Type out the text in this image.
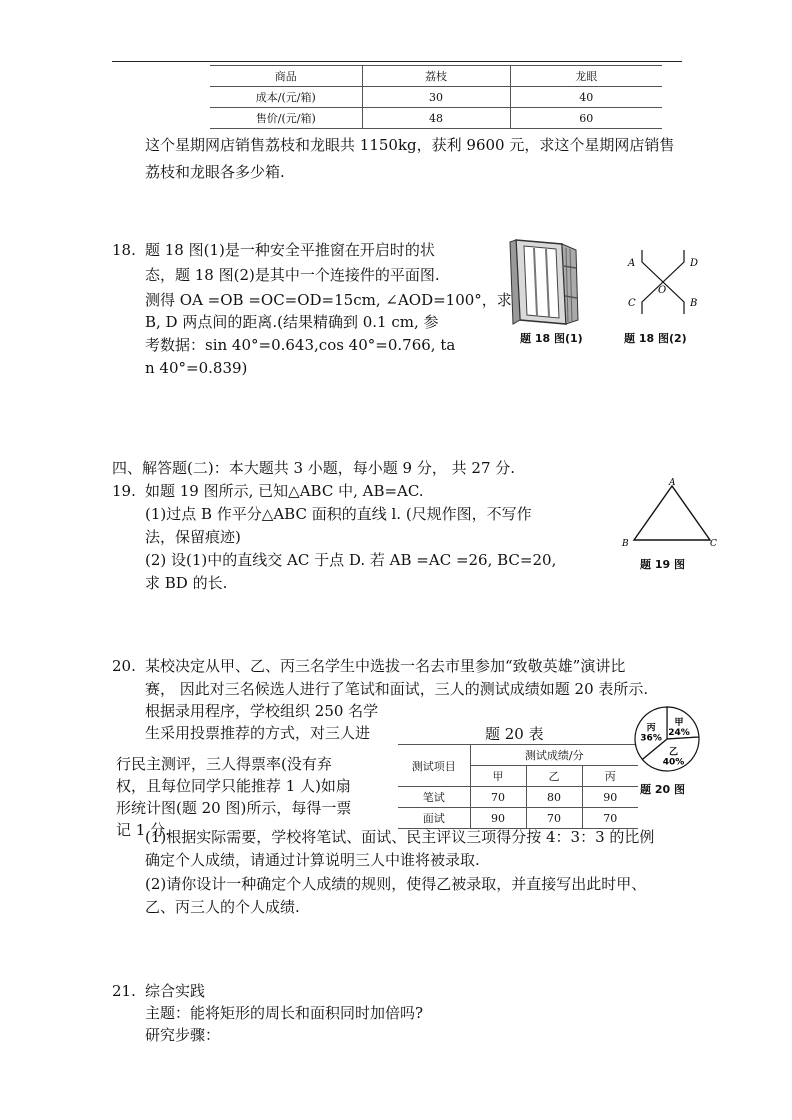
商品	荔枝	龙眼
成本/(元/箱)	30	40
售价/(元/箱)	48	60
这个星期网店销售荔枝和龙眼共 1150kg，获利 9600 元，求这个星期网店销售
荔枝和龙眼各多少箱.
18. 题 18 图(1)是一种安全平推窗在开启时的状
态，题 18 图(2)是其中一个连接件的平面图.
测得 OA =OB =OC=OD=15cm, ∠AOD=100°，求
B, D 两点间的距离.(结果精确到 0.1 cm, 参
考数据：sin 40°=0.643,cos 40°=0.766, ta
n 40°=0.839)
题 18 图(1)
A	D
O
C	B
题 18 图(2)
四、解答题(二)：本大题共 3 小题，每小题 9 分， 共 27 分.
19. 如题 19 图所示, 已知△ABC 中, AB=AC.
(1)过点 B 作平分△ABC 面积的直线 l. (尺规作图，不写作
法，保留痕迹)
(2) 设(1)中的直线交 AC 于点 D. 若 AB =AC =26, BC=20,
求 BD 的长.
A
B	C
题 19 图
20. 某校决定从甲、乙、丙三名学生中选拔一名去市里参加“致敬英雄”演讲比
赛， 因此对三名候选人进行了笔试和面试，三人的测试成绩如题 20 表所示.
根据录用程序，学校组织 250 名学
生采用投票推荐的方式，对三人进
行民主测评，三人得票率(没有弃
权，且每位同学只能推荐 1 人)如扇
形统计图(题 20 图)所示，每得一票
记 1 分.
(1)根据实际需要，学校将笔试、面试、民主评议三项得分按 4：3：3 的比例
确定个人成绩，请通过计算说明三人中谁将被录取.
(2)请你设计一种确定个人成绩的规则，使得乙被录取，并直接写出此时甲、
乙、丙三人的个人成绩.
题 20 表
测试项目	测试成绩/分		
	甲	乙	丙
笔试	70	80	90
面试	90	70	70
甲
24%
乙
40%
丙
36%
题 20 图
21. 综合实践
主题：能将矩形的周长和面积同时加倍吗?
研究步骤：
